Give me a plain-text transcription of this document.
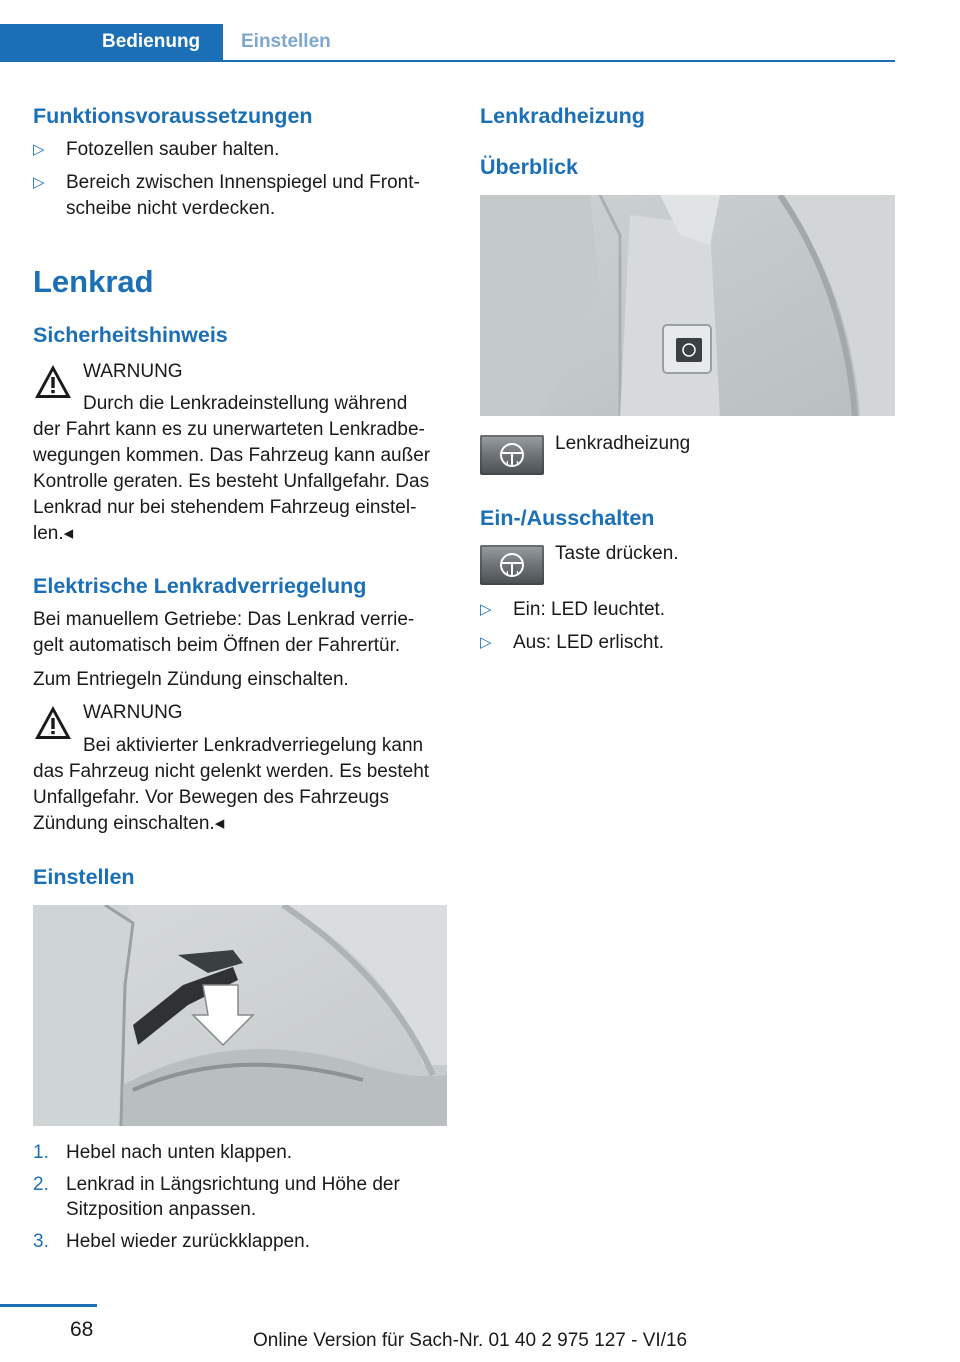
Bedienung	Einstellen
Funktionsvoraussetzungen
▷ Fotozellen sauber halten.
▷ Bereich zwischen Innenspiegel und Front-
scheibe nicht verdecken.
Lenkrad
Sicherheitshinweis
WARNUNG
Durch die Lenkradeinstellung während
der Fahrt kann es zu unerwarteten Lenkradbe-
wegungen kommen. Das Fahrzeug kann außer
Kontrolle geraten. Es besteht Unfallgefahr. Das
Lenkrad nur bei stehendem Fahrzeug einstel-
len.◂
Elektrische Lenkradverriegelung
Bei manuellem Getriebe: Das Lenkrad verrie-
gelt automatisch beim Öffnen der Fahrertür.
Zum Entriegeln Zündung einschalten.
WARNUNG
Bei aktivierter Lenkradverriegelung kann
das Fahrzeug nicht gelenkt werden. Es besteht
Unfallgefahr. Vor Bewegen des Fahrzeugs
Zündung einschalten.◂
Einstellen
1. Hebel nach unten klappen.
2. Lenkrad in Längsrichtung und Höhe der
Sitzposition anpassen.
3. Hebel wieder zurückklappen.
Lenkradheizung
Überblick
Lenkradheizung
Ein-/Ausschalten
Taste drücken.
▷ Ein: LED leuchtet.
▷ Aus: LED erlischt.
68	Online Version für Sach-Nr. 01 40 2 975 127 - VI/16
